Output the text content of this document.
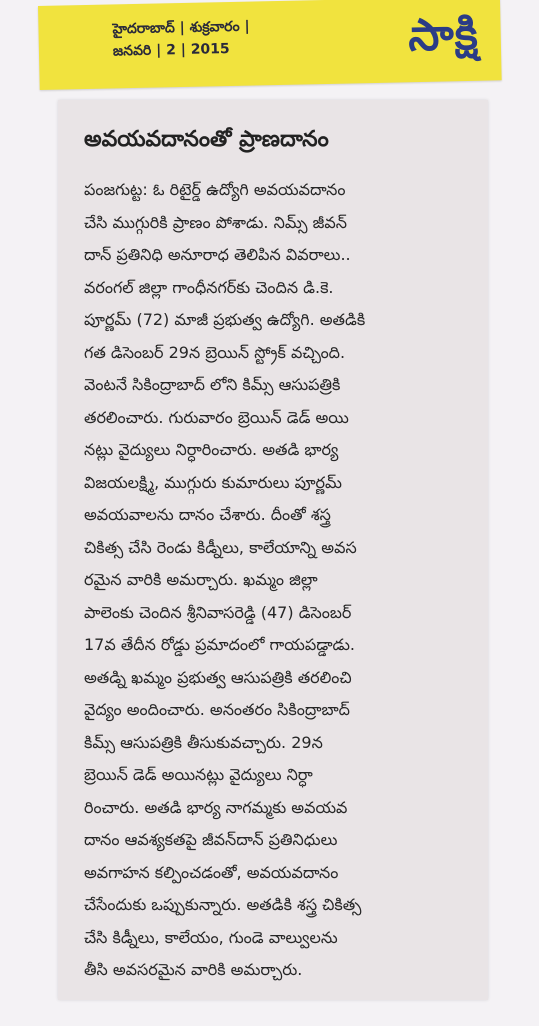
హైదరాబాద్ | శుక్రవారం |
జనవరి | 2 | 2015	సాక్షి
అవయవదానంతో ప్రాణదానం
పంజగుట్ట: ఓ రిటైర్డ్ ఉద్యోగి అవయవదానం
చేసి ముగ్గురికి ప్రాణం పోశాడు. నిమ్స్ జీవన్
దాన్ ప్రతినిధి అనూరాధ తెలిపిన వివరాలు..
వరంగల్ జిల్లా గాంధీనగర్‌కు చెందిన డి.కె.
పూర్ణమ్ (72) మాజీ ప్రభుత్వ ఉద్యోగి. అతడికి
గత డిసెంబర్ 29న బ్రెయిన్ స్ట్రోక్ వచ్చింది.
వెంటనే సికింద్రాబాద్ లోని కిమ్స్ ఆసుపత్రికి
తరలించారు. గురువారం బ్రెయిన్ డెడ్ అయి
నట్లు వైద్యులు నిర్ధారించారు. అతడి భార్య
విజయలక్ష్మి, ముగ్గురు కుమారులు పూర్ణమ్
అవయవాలను దానం చేశారు. దీంతో శస్త్ర
చికిత్స చేసి రెండు కిడ్నీలు, కాలేయాన్ని అవస
రమైన వారికి అమర్చారు. ఖమ్మం జిల్లా
పాలెంకు చెందిన శ్రీనివాసరెడ్డి (47) డిసెంబర్
17వ తేదీన రోడ్డు ప్రమాదంలో గాయపడ్డాడు.
అతడ్ని ఖమ్మం ప్రభుత్వ ఆసుపత్రికి తరలించి
వైద్యం అందించారు. అనంతరం సికింద్రాబాద్
కిమ్స్ ఆసుపత్రికి తీసుకువచ్చారు. 29న
బ్రెయిన్ డెడ్ అయినట్లు వైద్యులు నిర్ధా
రించారు. అతడి భార్య నాగమ్మకు అవయవ
దానం ఆవశ్యకతపై జీవన్‌దాన్ ప్రతినిధులు
అవగాహన కల్పించడంతో, అవయవదానం
చేసేందుకు ఒప్పుకున్నారు. అతడికి శస్త్ర చికిత్స
చేసి కిడ్నీలు, కాలేయం, గుండె వాల్వులను
తీసి అవసరమైన వారికి అమర్చారు.
